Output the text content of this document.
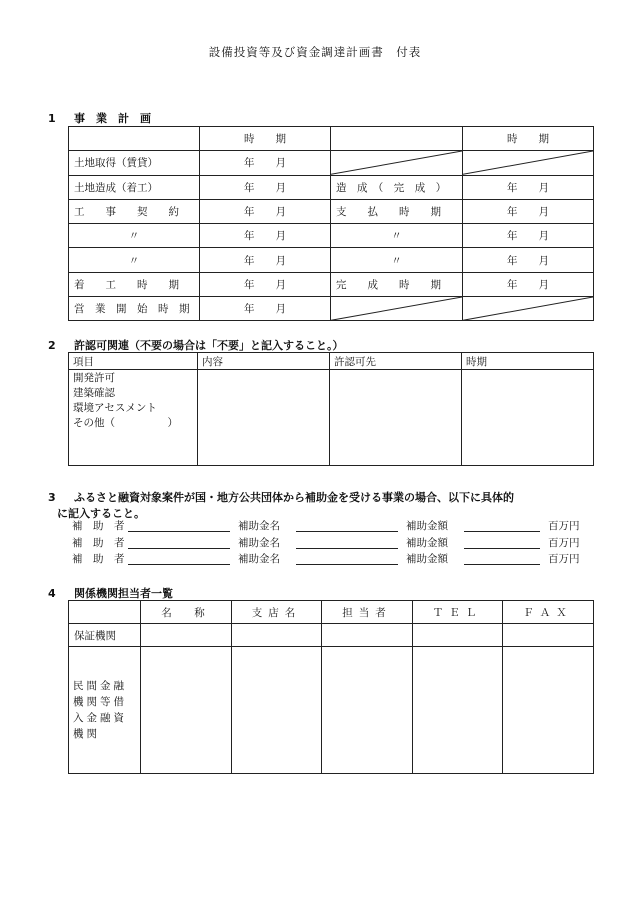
設備投資等及び資金調達計画書　付表
1 事　業　計　画
	時　　期		時　　期
土地取得（賃貸）	年　　月	

土地造成（着工）	年　　月	造　成　（　完　成　）	年　　月
工　　事　　契　　約	年　　月	支　　払　　時　　期	年　　月
〃	年　　月	〃	年　　月
〃	年　　月	〃	年　　月
着　　工　　時　　期	年　　月	完　　成　　時　　期	年　　月
営　業　開　始　時　期	年　　月	

2 許認可関連（不要の場合は「不要」と記入すること。）
項目	内容	許認可先	時期

開発許可
建築確認
環境アセスメント
その他（　　　　　）			

3 ふるさと融資対象案件が国・地方公共団体から補助金を受ける事業の場合、以下に具体的
に記入すること。
補　助　者	補助金名	補助金額	百万円
補　助　者	補助金名	補助金額	百万円
補　助　者	補助金名	補助金額	百万円
4 関係機関担当者一覧
	名　称	支店名	担当者	ＴＥＬ	ＦＡＸ
保証機関					

民間金融
機関等借
入金融資
機関					
